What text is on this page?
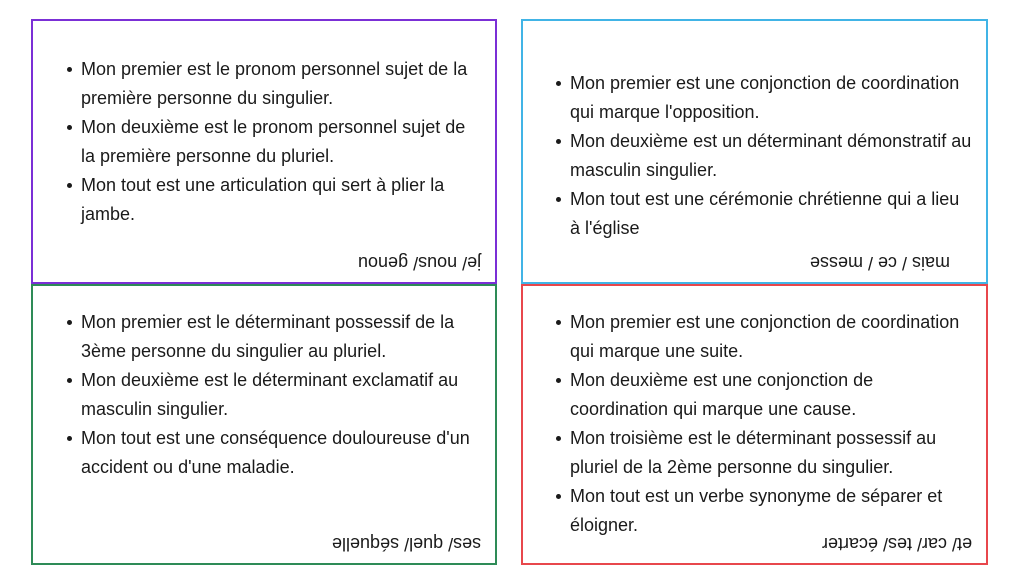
Mon premier est le pronom personnel sujet de la première personne du singulier.
Mon deuxième est le pronom personnel sujet de la première personne du pluriel.
Mon tout est une articulation qui sert à plier la jambe.
je/ nous/ genou
Mon premier est une conjonction de coordination qui marque l'opposition.
Mon deuxième est un déterminant démonstratif au masculin singulier.
Mon tout est une cérémonie chrétienne qui a lieu à l'église
mais / ce / messe
Mon premier est le déterminant possessif de la 3ème personne du singulier au pluriel.
Mon deuxième est le déterminant exclamatif au masculin singulier.
Mon tout est une conséquence douloureuse d'un accident ou d'une maladie.
ses/ quel/ séquelle
Mon premier est une conjonction de coordination qui marque une suite.
Mon deuxième est une conjonction de coordination qui marque une cause.
Mon troisième est le déterminant possessif au pluriel de la 2ème personne du singulier.
Mon tout est un verbe synonyme de séparer et éloigner.
et/ car/ tes/ écarter
